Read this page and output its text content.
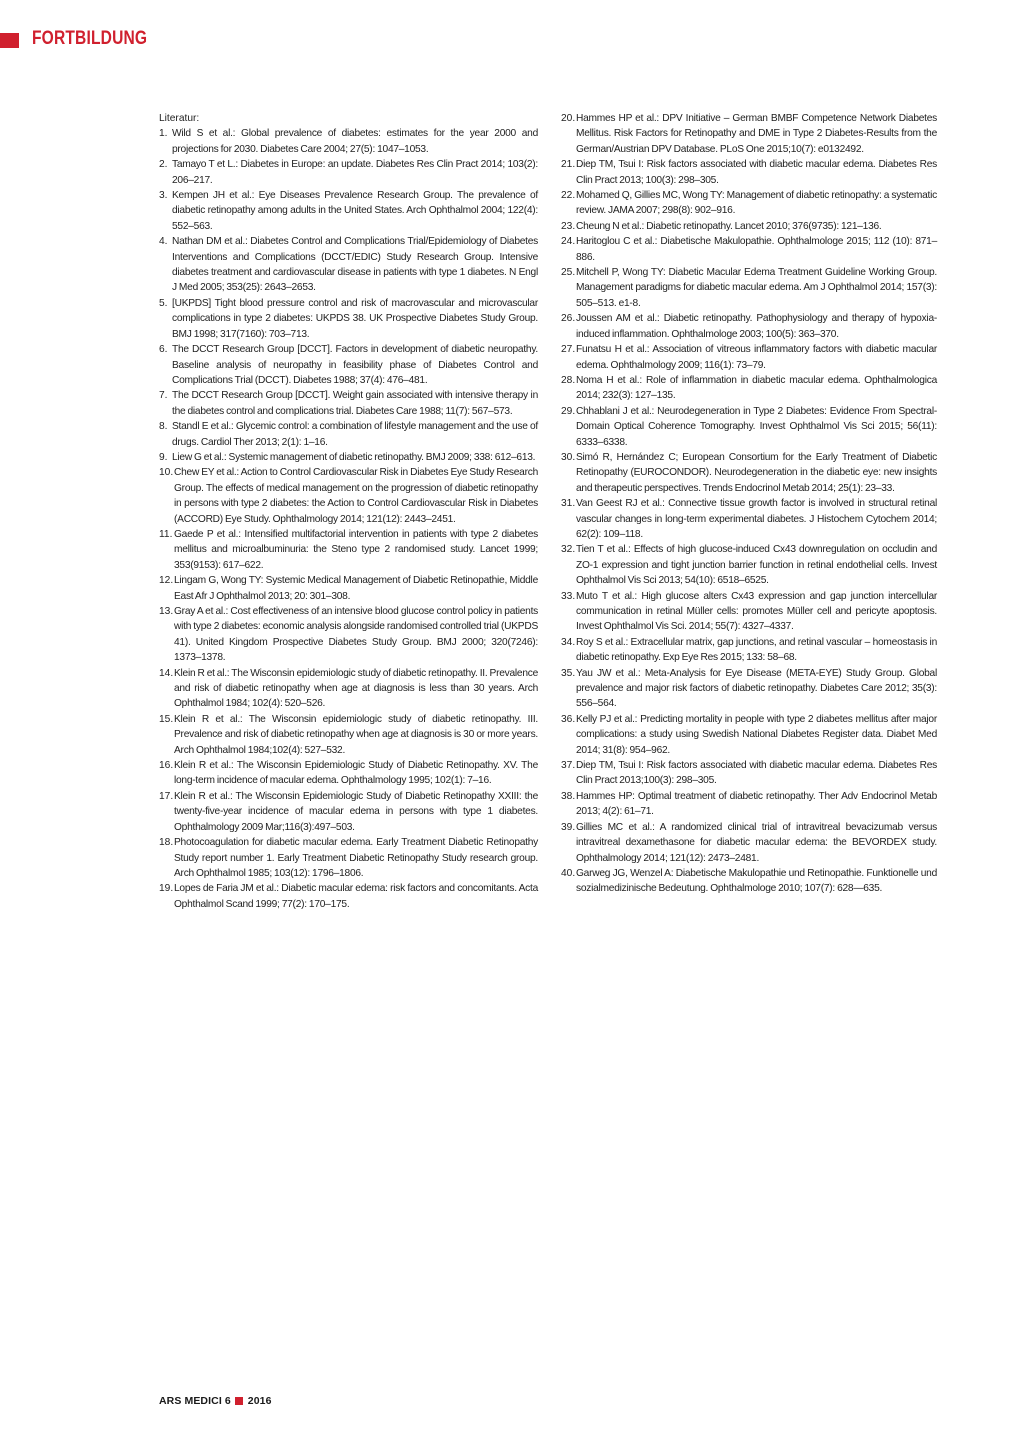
FORTBILDUNG

Literatur:

1. Wild S et al.: Global prevalence of diabetes: estimates for the year 2000 and projections for 2030. Diabetes Care 2004; 27(5): 1047–1053.
2. Tamayo T et L.: Diabetes in Europe: an update. Diabetes Res Clin Pract 2014; 103(2): 206–217.
3. Kempen JH et al.: Eye Diseases Prevalence Research Group. The prevalence of diabetic retinopathy among adults in the United States. Arch Ophthalmol 2004; 122(4): 552–563.
4. Nathan DM et al.: Diabetes Control and Complications Trial/Epidemiology of Diabetes Interventions and Complications (DCCT/EDIC) Study Research Group. Intensive diabetes treatment and cardiovascular disease in patients with type 1 diabetes. N Engl J Med 2005; 353(25): 2643–2653.
5. [UKPDS] Tight blood pressure control and risk of macrovascular and microvascular complications in type 2 diabetes: UKPDS 38. UK Prospective Diabetes Study Group. BMJ 1998; 317(7160): 703–713.
6. The DCCT Research Group [DCCT]. Factors in development of diabetic neuropathy. Baseline analysis of neuropathy in feasibility phase of Diabetes Control and Complications Trial (DCCT). Diabetes 1988; 37(4): 476–481.
7. The DCCT Research Group [DCCT]. Weight gain associated with intensive therapy in the diabetes control and complications trial. Diabetes Care 1988; 11(7): 567–573.
8. Standl E et al.: Glycemic control: a combination of lifestyle management and the use of drugs. Cardiol Ther 2013; 2(1): 1–16.
9. Liew G et al.: Systemic management of diabetic retinopathy. BMJ 2009; 338: 612–613.
10. Chew EY et al.: Action to Control Cardiovascular Risk in Diabetes Eye Study Research Group. The effects of medical management on the progression of diabetic retinopathy in persons with type 2 diabetes: the Action to Control Cardiovascular Risk in Diabetes (ACCORD) Eye Study. Ophthalmology 2014; 121(12): 2443–2451.
11. Gaede P et al.: Intensified multifactorial intervention in patients with type 2 diabetes mellitus and microalbuminuria: the Steno type 2 randomised study. Lancet 1999; 353(9153): 617–622.
12. Lingam G, Wong TY: Systemic Medical Management of Diabetic Retinopathie, Middle East Afr J Ophthalmol 2013; 20: 301–308.
13. Gray A et al.: Cost effectiveness of an intensive blood glucose control policy in patients with type 2 diabetes: economic analysis alongside randomised controlled trial (UKPDS 41). United Kingdom Prospective Diabetes Study Group. BMJ 2000; 320(7246): 1373–1378.
14. Klein R et al.: The Wisconsin epidemiologic study of diabetic retinopathy. II. Prevalence and risk of diabetic retinopathy when age at diagnosis is less than 30 years. Arch Ophthalmol 1984; 102(4): 520–526.
15. Klein R et al.: The Wisconsin epidemiologic study of diabetic retinopathy. III. Prevalence and risk of diabetic retinopathy when age at diagnosis is 30 or more years. Arch Ophthalmol 1984;102(4): 527–532.
16. Klein R et al.: The Wisconsin Epidemiologic Study of Diabetic Retinopathy. XV. The long-term incidence of macular edema. Ophthalmology 1995; 102(1): 7–16.
17. Klein R et al.: The Wisconsin Epidemiologic Study of Diabetic Retinopathy XXIII: the twenty-five-year incidence of macular edema in persons with type 1 diabetes. Ophthalmology 2009 Mar;116(3):497–503.
18. Photocoagulation for diabetic macular edema. Early Treatment Diabetic Retinopathy Study report number 1. Early Treatment Diabetic Retinopathy Study research group. Arch Ophthalmol 1985; 103(12): 1796–1806.
19. Lopes de Faria JM et al.: Diabetic macular edema: risk factors and concomitants. Acta Ophthalmol Scand 1999; 77(2): 170–175.
20. Hammes HP et al.: DPV Initiative – German BMBF Competence Network Diabetes Mellitus. Risk Factors for Retinopathy and DME in Type 2 Diabetes-Results from the German/Austrian DPV Database. PLoS One 2015;10(7): e0132492.
21. Diep TM, Tsui I: Risk factors associated with diabetic macular edema. Diabetes Res Clin Pract 2013; 100(3): 298–305.
22. Mohamed Q, Gillies MC, Wong TY: Management of diabetic retinopathy: a systematic review. JAMA 2007; 298(8): 902–916.
23. Cheung N et al.: Diabetic retinopathy. Lancet 2010; 376(9735): 121–136.
24. Haritoglou C et al.: Diabetische Makulopathie. Ophthalmologe 2015; 112 (10): 871–886.
25. Mitchell P, Wong TY: Diabetic Macular Edema Treatment Guideline Working Group. Management paradigms for diabetic macular edema. Am J Ophthalmol 2014; 157(3): 505–513. e1-8.
26. Joussen AM et al.: Diabetic retinopathy. Pathophysiology and therapy of hypoxia-induced inflammation. Ophthalmologe 2003; 100(5): 363–370.
27. Funatsu H et al.: Association of vitreous inflammatory factors with diabetic macular edema. Ophthalmology 2009; 116(1): 73–79.
28. Noma H et al.: Role of inflammation in diabetic macular edema. Ophthalmologica 2014; 232(3): 127–135.
29. Chhablani J et al.: Neurodegeneration in Type 2 Diabetes: Evidence From Spectral-Domain Optical Coherence Tomography. Invest Ophthalmol Vis Sci 2015; 56(11): 6333–6338.
30. Simó R, Hernández C; European Consortium for the Early Treatment of Diabetic Retinopathy (EUROCONDOR). Neurodegeneration in the diabetic eye: new insights and therapeutic perspectives. Trends Endocrinol Metab 2014; 25(1): 23–33.
31. Van Geest RJ et al.: Connective tissue growth factor is involved in structural retinal vascular changes in long-term experimental diabetes. J Histochem Cytochem 2014; 62(2): 109–118.
32. Tien T et al.: Effects of high glucose-induced Cx43 downregulation on occludin and ZO-1 expression and tight junction barrier function in retinal endothelial cells. Invest Ophthalmol Vis Sci 2013; 54(10): 6518–6525.
33. Muto T et al.: High glucose alters Cx43 expression and gap junction intercellular communication in retinal Müller cells: promotes Müller cell and pericyte apoptosis. Invest Ophthalmol Vis Sci. 2014; 55(7): 4327–4337.
34. Roy S et al.: Extracellular matrix, gap junctions, and retinal vascular – homeostasis in diabetic retinopathy. Exp Eye Res 2015; 133: 58–68.
35. Yau JW et al.: Meta-Analysis for Eye Disease (META-EYE) Study Group. Global prevalence and major risk factors of diabetic retinopathy. Diabetes Care 2012; 35(3): 556–564.
36. Kelly PJ et al.: Predicting mortality in people with type 2 diabetes mellitus after major complications: a study using Swedish National Diabetes Register data. Diabet Med 2014; 31(8): 954–962.
37. Diep TM, Tsui I: Risk factors associated with diabetic macular edema. Diabetes Res Clin Pract 2013;100(3): 298–305.
38. Hammes HP: Optimal treatment of diabetic retinopathy. Ther Adv Endocrinol Metab 2013; 4(2): 61–71.
39. Gillies MC et al.: A randomized clinical trial of intravitreal bevacizumab versus intravitreal dexamethasone for diabetic macular edema: the BEVORDEX study. Ophthalmology 2014; 121(12): 2473–2481.
40. Garweg JG, Wenzel A: Diabetische Makulopathie und Retinopathie. Funktionelle und sozialmedizinische Bedeutung. Ophthalmologe 2010; 107(7): 628—635.
ARS MEDICI 6 2016
